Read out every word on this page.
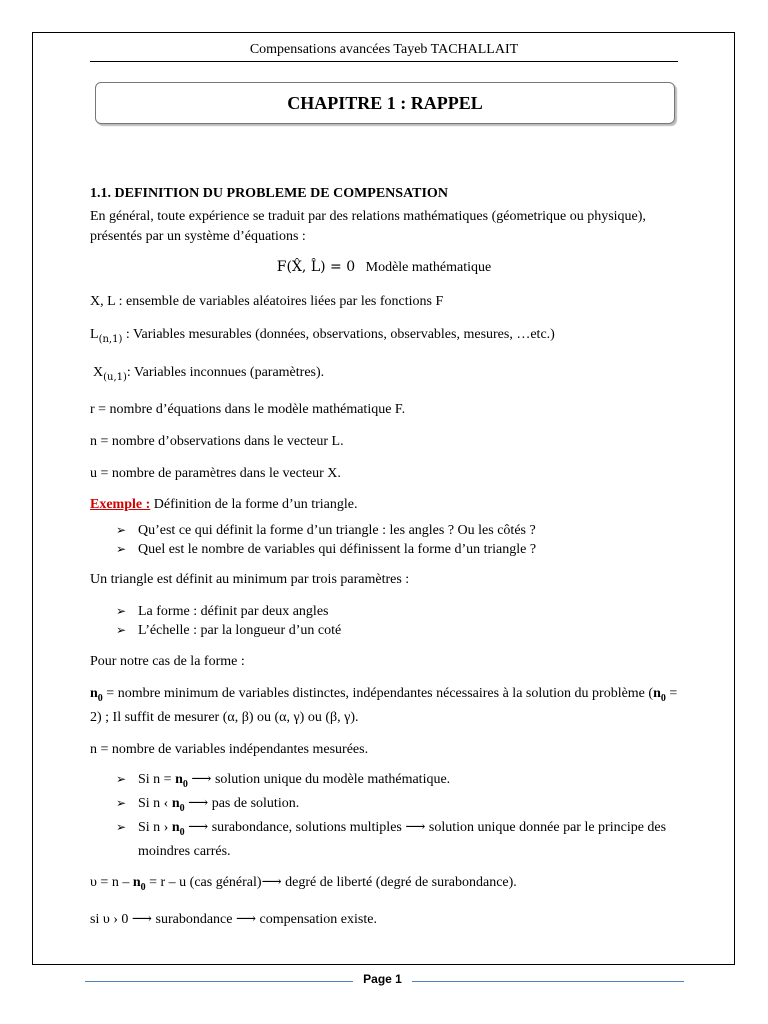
Compensations avancées Tayeb TACHALLAIT
CHAPITRE 1 : RAPPEL

1.1. DEFINITION DU PROBLEME DE COMPENSATION

En général, toute expérience se traduit par des relations mathématiques (géometrique ou physique), présentés par un système d’équations :

F(X̂, L̂) = 0 Modèle mathématique

X, L : ensemble de variables aléatoires liées par les fonctions F

$L_{(n,1)}$ : Variables mesurables (données, observations, observables, mesures, …etc.)

$X_{(u,1)}$: Variables inconnues (paramètres).

r = nombre d’équations dans le modèle mathématique F.

n = nombre d’observations dans le vecteur L.

u = nombre de paramètres dans le vecteur X.

Exemple : Définition de la forme d’un triangle.

➢ Qu’est ce qui définit la forme d’un triangle : les angles ? Ou les côtés ?
➢ Quel est le nombre de variables qui définissent la forme d’un triangle ?

Un triangle est définit au minimum par trois paramètres :

➢ La forme : définit par deux angles
➢ L’échelle : par la longueur d’un coté

Pour notre cas de la forme :

$n_0$ = nombre minimum de variables distinctes, indépendantes nécessaires à la solution du problème $(n_0 = 2)$ ; Il suffit de mesurer (α, β) ou (α, γ) ou (β, γ).

n = nombre de variables indépendantes mesurées.

➢ Si $n = n_0$ ⟶ solution unique du modèle mathématique.
➢ Si n ‹ $n_0$ ⟶ pas de solution.
➢ Si n › $n_0$ ⟶ surabondance, solutions multiples ⟶ solution unique donnée par le principe des moindres carrés.

$\upsilon = n - n_0 = r - u$ (cas général)⟶ degré de liberté (degré de surabondance).

si υ › 0 ⟶ surabondance ⟶ compensation existe.

Page 1
